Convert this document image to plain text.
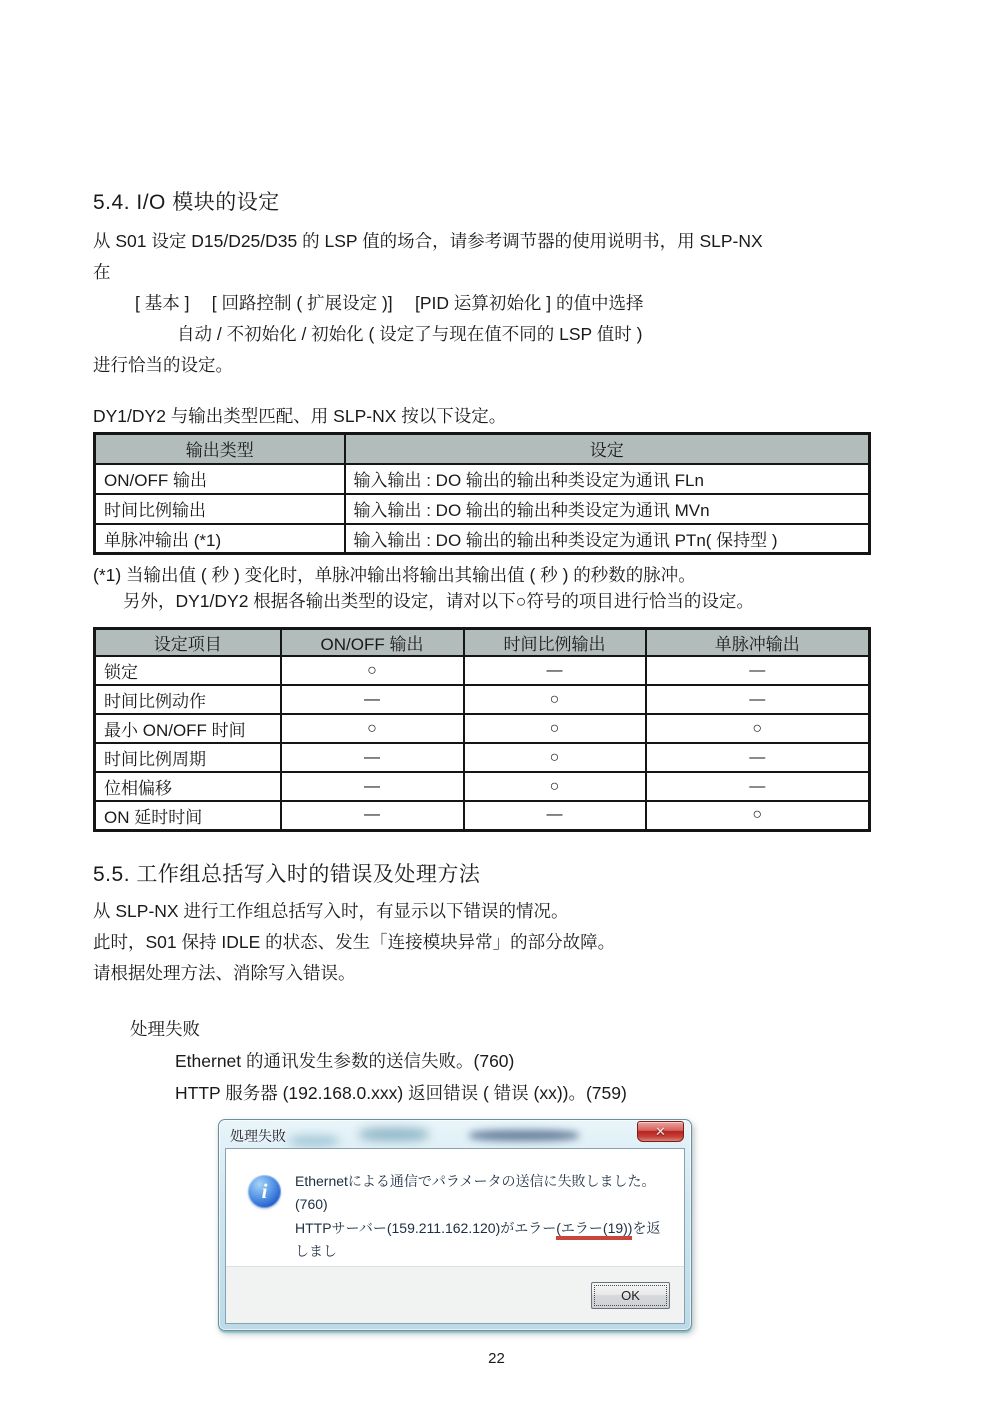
5.4. I/O 模块的设定
从 S01 设定 D15/D25/D35 的 LSP 值的场合，请参考调节器的使用说明书，用 SLP-NX
在
[ 基本 ]　 [ 回路控制 ( 扩展设定 )]　 [PID 运算初始化 ] 的值中选择
自动 / 不初始化 / 初始化 ( 设定了与现在值不同的 LSP 值时 )
进行恰当的设定。
DY1/DY2 与输出类型匹配、用 SLP-NX 按以下设定。
输出类型	设定
ON/OFF 输出	输入输出 : DO 输出的输出种类设定为通讯 FLn
时间比例输出	输入输出 : DO 输出的输出种类设定为通讯 MVn
单脉冲输出 (*1)	输入输出 : DO 输出的输出种类设定为通讯 PTn( 保持型 )
(*1) 当输出值 ( 秒 ) 变化时，单脉冲输出将输出其输出值 ( 秒 ) 的秒数的脉冲。
另外，DY1/DY2 根据各输出类型的设定，请对以下○符号的项目进行恰当的设定。
设定项目	ON/OFF 输出	时间比例输出	单脉冲输出
锁定	○	—	—
时间比例动作	—	○	—
最小 ON/OFF 时间	○	○	○
时间比例周期	—	○	—
位相偏移	—	○	—
ON 延时时间	—	—	○
5.5. 工作组总括写入时的错误及处理方法
从 SLP-NX 进行工作组总括写入时，有显示以下错误的情况。
此时，S01 保持 IDLE 的状态、发生「连接模块异常」的部分故障。
请根据处理方法、消除写入错误。
处理失败
Ethernet 的通讯发生参数的送信失败。(760)
HTTP 服务器 (192.168.0.xxx) 返回错误 ( 错误 (xx))。(759)
処理失敗	✕
i	Ethernetによる通信でパラメータの送信に失敗しました。(760)
HTTPサーバー(159.211.162.120)がエラー(エラー(19))を返しまし

OK
22
